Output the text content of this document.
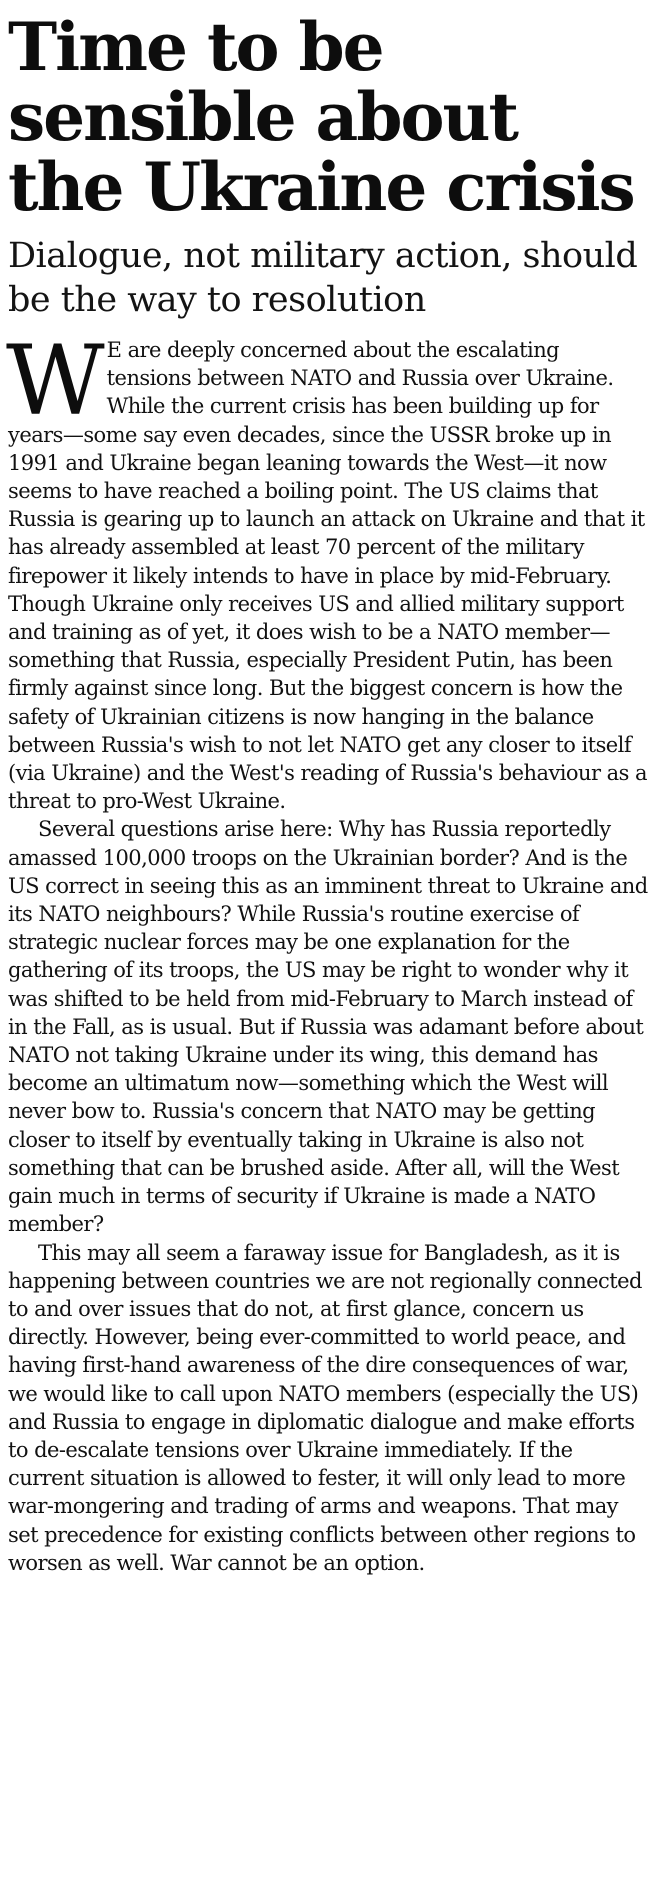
Time to be sensible about the Ukraine crisis
Dialogue, not military action, should be the way to resolution

W E are deeply concerned about the escalating tensions between NATO and Russia over Ukraine. While the current crisis has been building up for years—some say even decades, since the USSR broke up in 1991 and Ukraine began leaning towards the West—it now seems to have reached a boiling point. The US claims that Russia is gearing up to launch an attack on Ukraine and that it has already assembled at least 70 percent of the military firepower it likely intends to have in place by mid-February. Though Ukraine only receives US and allied military support and training as of yet, it does wish to be a NATO member—something that Russia, especially President Putin, has been firmly against since long. But the biggest concern is how the safety of Ukrainian citizens is now hanging in the balance between Russia's wish to not let NATO get any closer to itself (via Ukraine) and the West's reading of Russia's behaviour as a threat to pro-West Ukraine.

Several questions arise here: Why has Russia reportedly amassed 100,000 troops on the Ukrainian border? And is the US correct in seeing this as an imminent threat to Ukraine and its NATO neighbours? While Russia's routine exercise of strategic nuclear forces may be one explanation for the gathering of its troops, the US may be right to wonder why it was shifted to be held from mid-February to March instead of in the Fall, as is usual. But if Russia was adamant before about NATO not taking Ukraine under its wing, this demand has become an ultimatum now—something which the West will never bow to. Russia's concern that NATO may be getting closer to itself by eventually taking in Ukraine is also not something that can be brushed aside. After all, will the West gain much in terms of security if Ukraine is made a NATO member?

This may all seem a faraway issue for Bangladesh, as it is happening between countries we are not regionally connected to and over issues that do not, at first glance, concern us directly. However, being ever-committed to world peace, and having first-hand awareness of the dire consequences of war, we would like to call upon NATO members (especially the US) and Russia to engage in diplomatic dialogue and make efforts to de-escalate tensions over Ukraine immediately. If the current situation is allowed to fester, it will only lead to more war-mongering and trading of arms and weapons. That may set precedence for existing conflicts between other regions to worsen as well. War cannot be an option.
